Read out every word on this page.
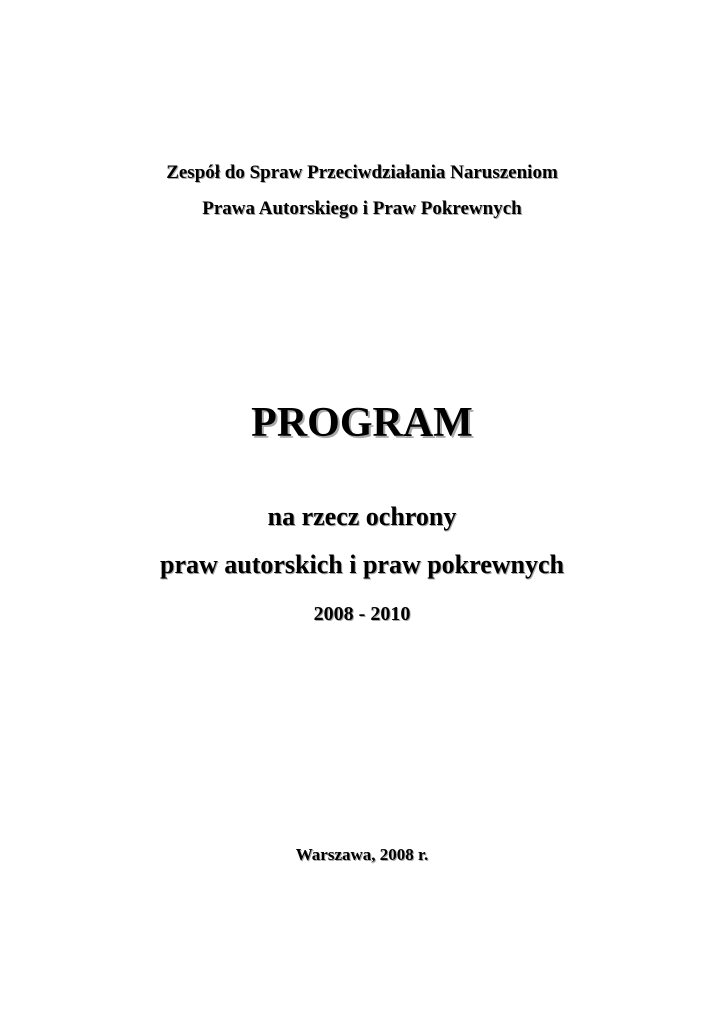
Zespół do Spraw Przeciwdziałania Naruszeniom
Prawa Autorskiego i Praw Pokrewnych
PROGRAM
na rzecz ochrony
praw autorskich i praw pokrewnych
2008 - 2010
Warszawa, 2008 r.
